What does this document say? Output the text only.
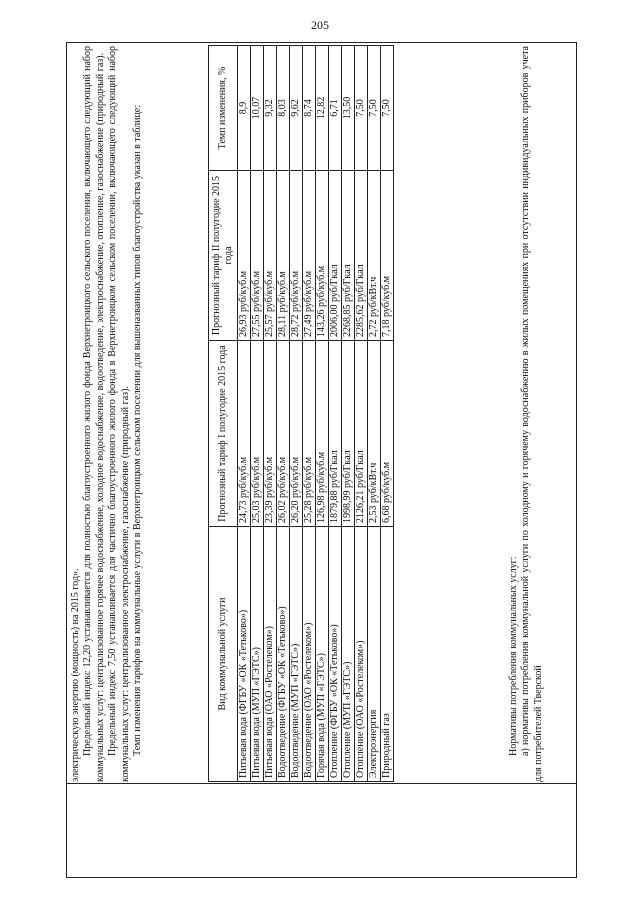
205

электрическую энергию (мощность) на 2015 год». Предельный индекс 12,20 устанавливается для полностью благоустроенного жилого фонда Верхнетроицкого сельского поселения, включающего следующий набор коммунальных услуг: централизованное горячее водоснабжение, холодное водоснабжение, водоотведение, электроснабжение, отопление, газоснабжение (природный газ). Предельный индекс 7,50 устанавливается для частично благоустроенного жилого фонда в Верхнетроицком сельском поселении, включающего следующий набор коммунальных услуг: централизованное электроснабжение, газоснабжение (природный газ). Темп изменения тарифов на коммунальные услуги в Верхнетроицком сельском поселении для вышеназванных типов благоустройства указан в таблице:	Вид коммунальной услуги	Прогнозный тариф I полугодие 2015 года	Прогнозный тариф II полугодие 2015 года	Темп изменения, %
Питьевая вода (ФГБУ «ОК «Тетьково»)	24,73 руб/куб.м	26,93 руб/куб.м	8,9
Питьевая вода (МУП «ГЭТС»)	25,03 руб/куб.м	27,55 руб/куб.м	10,07
Питьевая вода (ОАО «Ростелеком»)	23,39 руб/куб.м	25,57 руб/куб.м	9,32
Водоотведение (ФГБУ «ОК «Тетьково»)	26,02 руб/куб.м	28,11 руб/куб.м	8,03
Водоотведение (МУП «ГЭТС»)	26,20 руб/куб.м	28,72 руб/куб.м	9,62
Водоотведение (ОАО «Ростелеком»)	25,28 руб/куб.м	27,49 руб/куб.м	8,74
Горячая вода (МУП «ГЭТС»)	126,98 руб/куб.м	143,26 руб/куб.м	12,82
Отопление (ФГБУ «ОК «Тетьково»)	1879,88 руб/Гкал	2006,00 руб/Гкал	6,71
Отопление (МУП «ГЭТС»)	1998,99 руб/Гкал	2268,85 руб/Гкал	13,50
Отопление (ОАО «Ростелеком»)	2126,21 руб/Гкал	2285,62 руб/Гкал	7,50
Электроэнергия	2,53 руб/кВт.ч	2,72 руб/кВт.ч	7,50
Природный газ	6,68 руб/куб.м	7,18 руб/куб.м	7,50

Нормативы потребления коммунальных услуг: а) нормативы потребления коммунальной услуги по холодному и горячему водоснабжению в жилых помещениях при отсутствии индивидуальных приборов учета для потребителей Тверской
